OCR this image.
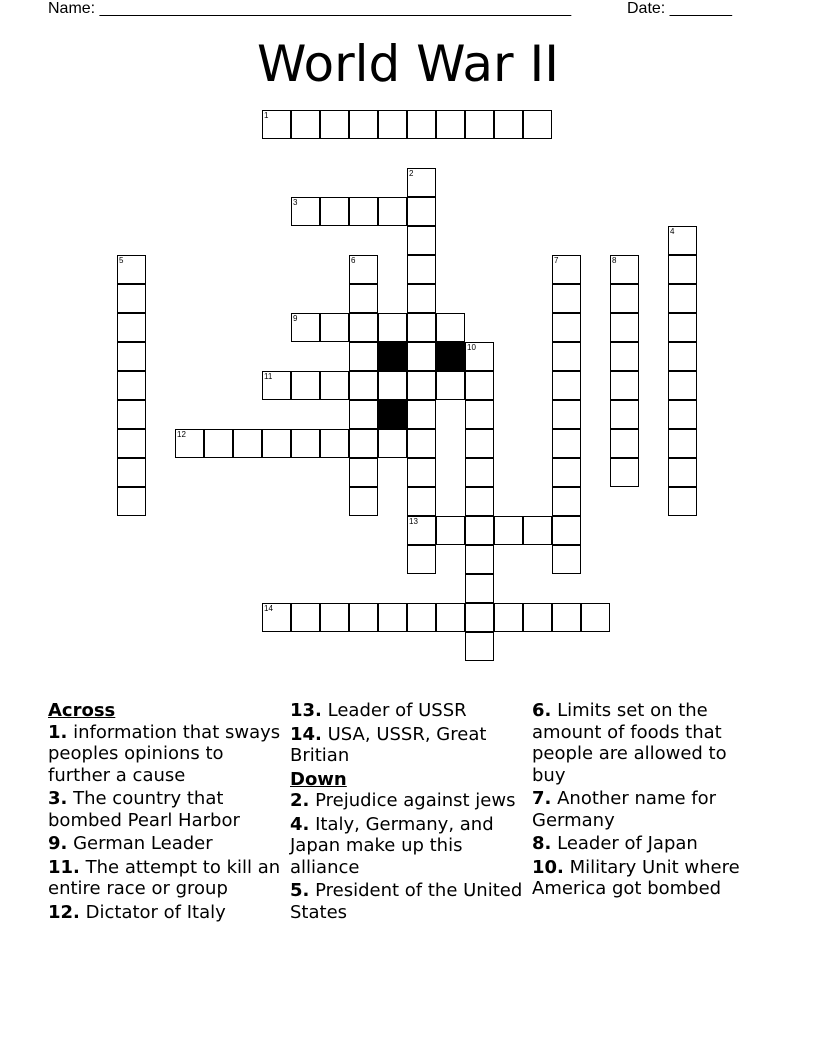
Name: _____________________________________________________	Date: _______
World War II
1
2
3
4
5	6	7	8
9
10
11
12
13
14
Across
1. information that sways peoples opinions to further a cause
3. The country that bombed Pearl Harbor
9. German Leader
11. The attempt to kill an entire race or group
12. Dictator of Italy
13. Leader of USSR
14. USA, USSR, Great Britian
Down
2. Prejudice against jews
4. Italy, Germany, and Japan make up this alliance
5. President of the United States
6. Limits set on the amount of foods that people are allowed to buy
7. Another name for Germany
8. Leader of Japan
10. Military Unit where America got bombed
